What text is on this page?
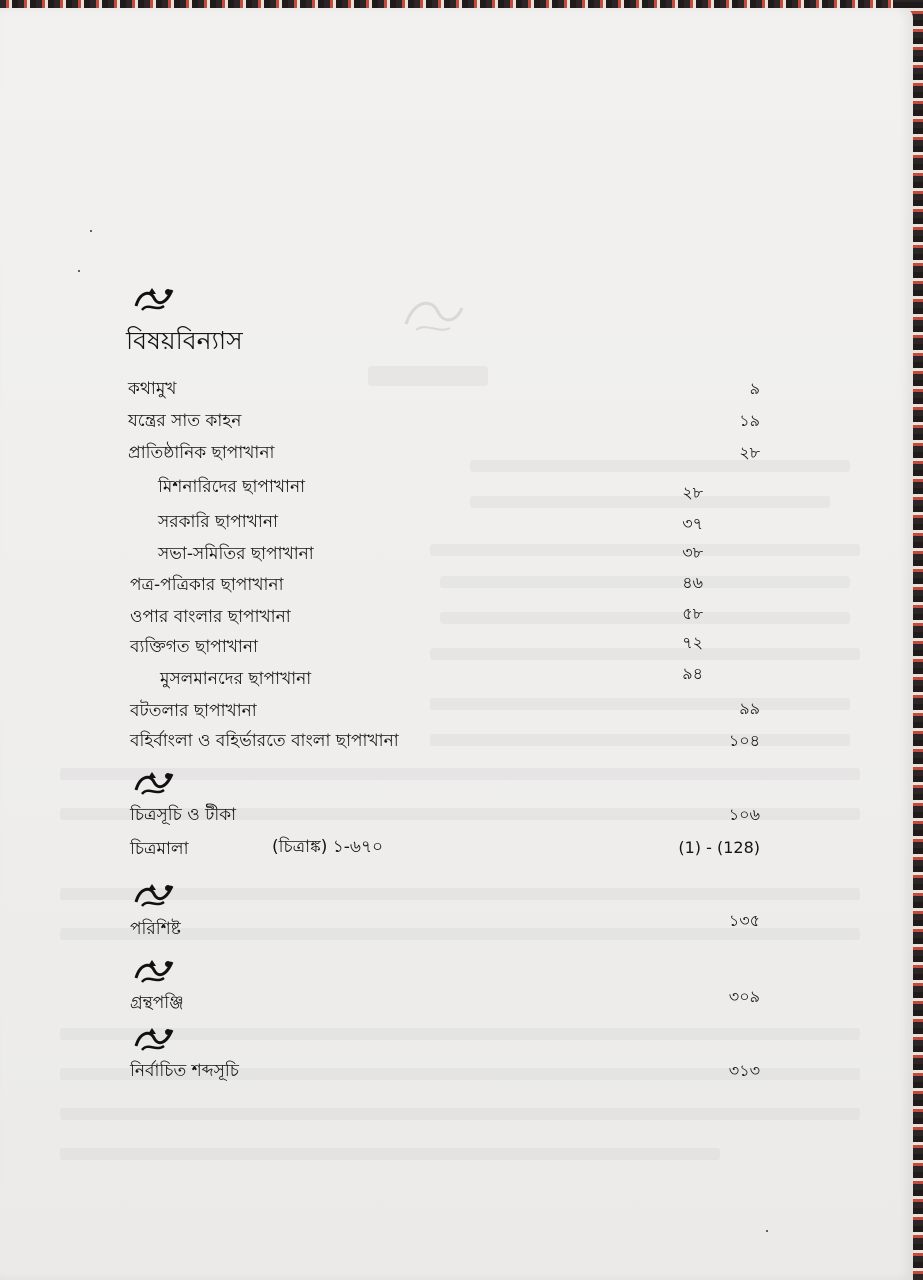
বিষয়বিন্যাস
কথামুখ	৯
যন্ত্রের সাত কাহন	১৯
প্রাতিষ্ঠানিক ছাপাখানা	২৮
মিশনারিদের ছাপাখানা	২৮
সরকারি ছাপাখানা	৩৭
সভা-সমিতির ছাপাখানা	৩৮
পত্র-পত্রিকার ছাপাখানা	৪৬
ওপার বাংলার ছাপাখানা	৫৮
ব্যক্তিগত ছাপাখানা	৭২
মুসলমানদের ছাপাখানা	৯৪
বটতলার ছাপাখানা	৯৯
বহির্বাংলা ও বহির্ভারতে বাংলা ছাপাখানা	১০৪
চিত্রসূচি ও টীকা	১০৬
চিত্রমালা	(চিত্রাঙ্ক) ১-৬৭০	(1) - (128)
পরিশিষ্ট	১৩৫
গ্রন্থপঞ্জি	৩০৯
নির্বাচিত শব্দসূচি	৩১৩
